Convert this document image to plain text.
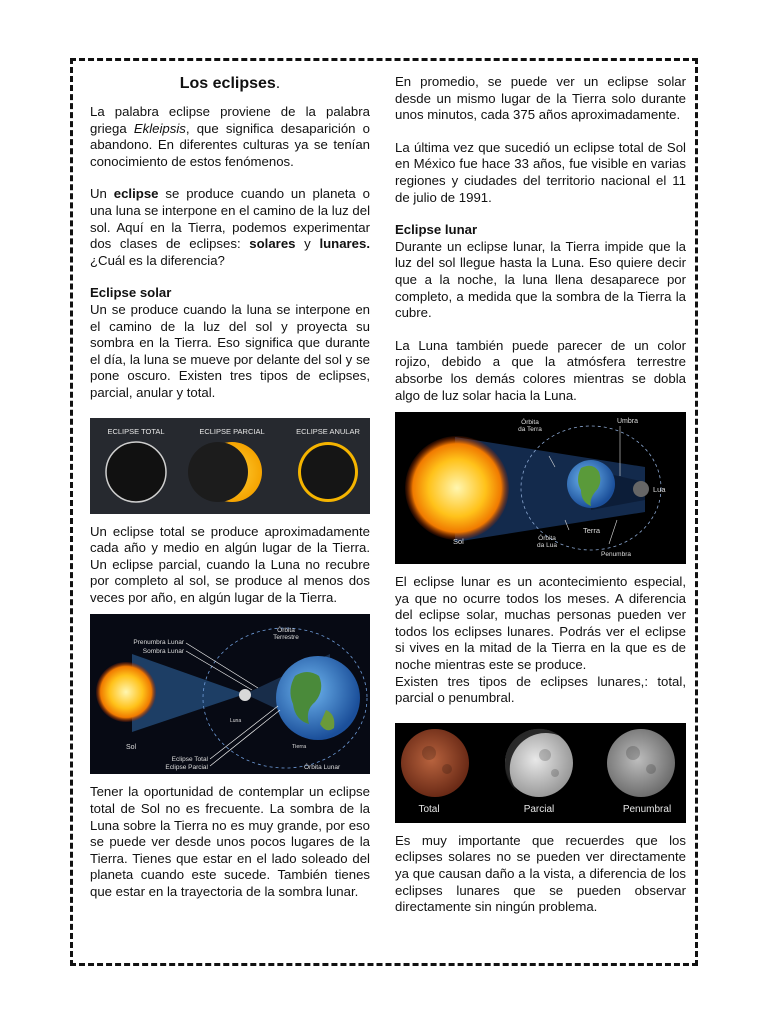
Los eclipses.

La palabra eclipse proviene de la palabra griega Ekleipsis, que significa desaparición o abandono. En diferentes culturas ya se tenían conocimiento de estos fenómenos.

Un eclipse se produce cuando un planeta o una luna se interpone en el camino de la luz del sol. Aquí en la Tierra, podemos experimentar dos clases de eclipses: solares y lunares. ¿Cuál es la diferencia?

Eclipse solar

Un se produce cuando la luna se interpone en el camino de la luz del sol y proyecta su sombra en la Tierra. Eso significa que durante el día, la luna se mueve por delante del sol y se pone oscuro. Existen tres tipos de eclipses, parcial, anular y total.

ECLIPSE TOTAL	ECLIPSE PARCIAL	ECLIPSE ANULAR

Un eclipse total se produce aproximadamente cada año y medio en algún lugar de la Tierra. Un eclipse parcial, cuando la Luna no recubre por completo al sol, se produce al menos dos veces por año, en algún lugar de la Tierra.

Órbita
Terrestre
Prenumbra Lunar
Sombra Lunar
Luna
Sol
Eclipse Total
Eclipse Parcial
Tierra
Órbita Lunar

Tener la oportunidad de contemplar un eclipse total de Sol no es frecuente. La sombra de la Luna sobre la Tierra no es muy grande, por eso se puede ver desde unos pocos lugares de la Tierra. Tienes que estar en el lado soleado del planeta cuando este sucede. También tienes que estar en la trayectoria de la sombra lunar.

En promedio, se puede ver un eclipse solar desde un mismo lugar de la Tierra solo durante unos minutos, cada 375 años aproximadamente.

La última vez que sucedió un eclipse total de Sol en México fue hace 33 años, fue visible en varias regiones y ciudades del territorio nacional el 11 de julio de 1991.

Eclipse lunar

Durante un eclipse lunar, la Tierra impide que la luz del sol llegue hasta la Luna. Eso quiere decir que a la noche, la luna llena desaparece por completo, a medida que la sombra de la Tierra la cubre.

La Luna también puede parecer de un color rojizo, debido a que la atmósfera terrestre absorbe los demás colores mientras se dobla algo de luz solar hacia la Luna.

Órbita
da Terra
Umbra
Lua
Terra
Órbita
da Lua
Sol
Penumbra

El eclipse lunar es un acontecimiento especial, ya que no ocurre todos los meses. A diferencia del eclipse solar, muchas personas pueden ver todos los eclipses lunares. Podrás ver el eclipse si vives en la mitad de la Tierra en la que es de noche mientras este se produce.

Existen tres tipos de eclipses lunares,: total, parcial o penumbral.

Total	Parcial	Penumbral

Es muy importante que recuerdes que los eclipses solares no se pueden ver directamente ya que causan daño a la vista, a diferencia de los eclipses lunares que se pueden observar directamente sin ningún problema.
